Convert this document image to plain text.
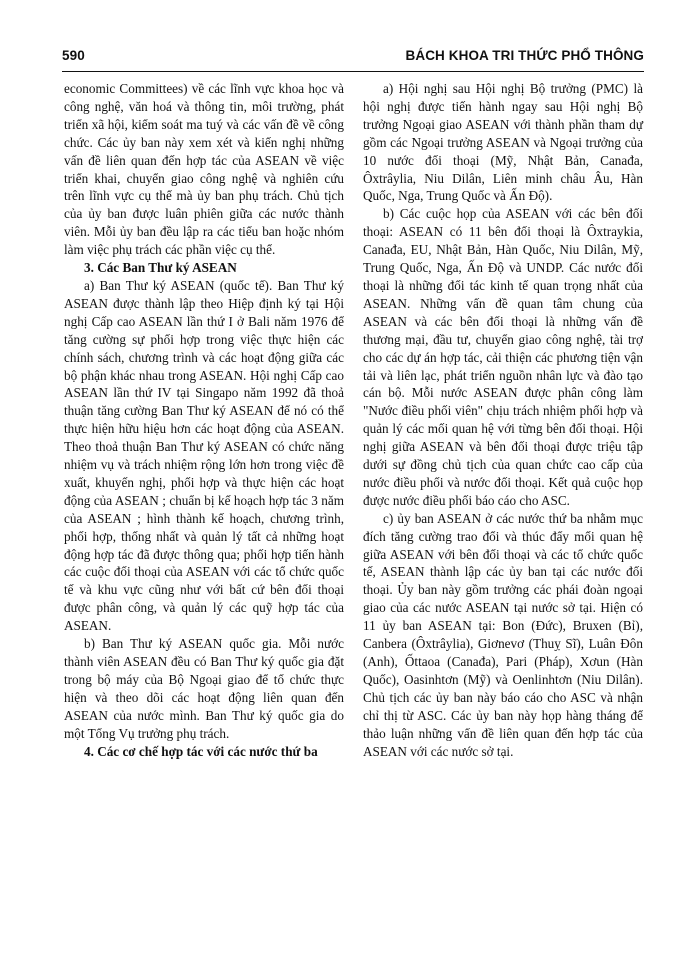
590	BÁCH KHOA TRI THỨC PHỔ THÔNG

economic Committees) về các lĩnh vực khoa học và công nghệ, văn hoá và thông tin, môi trường, phát triển xã hội, kiểm soát ma tuý và các vấn đề về công chức. Các ủy ban này xem xét và kiến nghị những vấn đề liên quan đến hợp tác của ASEAN về việc triển khai, chuyển giao công nghệ và nghiên cứu trên lĩnh vực cụ thể mà ủy ban phụ trách. Chủ tịch của ủy ban được luân phiên giữa các nước thành viên. Mỗi ủy ban đều lập ra các tiểu ban hoặc nhóm làm việc phụ trách các phần việc cụ thể.

3. Các Ban Thư ký ASEAN

a) Ban Thư ký ASEAN (quốc tế). Ban Thư ký ASEAN được thành lập theo Hiệp định ký tại Hội nghị Cấp cao ASEAN lần thứ I ở Bali năm 1976 để tăng cường sự phối hợp trong việc thực hiện các chính sách, chương trình và các hoạt động giữa các bộ phận khác nhau trong ASEAN. Hội nghị Cấp cao ASEAN lần thứ IV tại Singapo năm 1992 đã thoả thuận tăng cường Ban Thư ký ASEAN để nó có thể thực hiện hữu hiệu hơn các hoạt động của ASEAN. Theo thoả thuận Ban Thư ký ASEAN có chức năng nhiệm vụ và trách nhiệm rộng lớn hơn trong việc đề xuất, khuyến nghị, phối hợp và thực hiện các hoạt động của ASEAN ; chuẩn bị kế hoạch hợp tác 3 năm của ASEAN ; hình thành kế hoạch, chương trình, phối hợp, thống nhất và quản lý tất cả những hoạt động hợp tác đã được thông qua; phối hợp tiến hành các cuộc đối thoại của ASEAN với các tổ chức quốc tế và khu vực cũng như với bất cứ bên đối thoại được phân công, và quản lý các quỹ hợp tác của ASEAN.

b) Ban Thư ký ASEAN quốc gia. Mỗi nước thành viên ASEAN đều có Ban Thư ký quốc gia đặt trong bộ máy của Bộ Ngoại giao để tổ chức thực hiện và theo dõi các hoạt động liên quan đến ASEAN của nước mình. Ban Thư ký quốc gia do một Tổng Vụ trưởng phụ trách.

4. Các cơ chế hợp tác với các nước thứ ba

a) Hội nghị sau Hội nghị Bộ trưởng (PMC) là hội nghị được tiến hành ngay sau Hội nghị Bộ trưởng Ngoại giao ASEAN với thành phần tham dự gồm các Ngoại trưởng ASEAN và Ngoại trưởng của 10 nước đối thoại (Mỹ, Nhật Bản, Canađa, Ôxtrâylia, Niu Dilân, Liên minh châu Âu, Hàn Quốc, Nga, Trung Quốc và Ấn Độ).

b) Các cuộc họp của ASEAN với các bên đối thoại: ASEAN có 11 bên đối thoại là Ôxtraykia, Canađa, EU, Nhật Bản, Hàn Quốc, Niu Dilân, Mỹ, Trung Quốc, Nga, Ấn Độ và UNDP. Các nước đối thoại là những đối tác kinh tế quan trọng nhất của ASEAN. Những vấn đề quan tâm chung của ASEAN và các bên đối thoại là những vấn đề thương mại, đầu tư, chuyển giao công nghệ, tài trợ cho các dự án hợp tác, cải thiện các phương tiện vận tải và liên lạc, phát triển nguồn nhân lực và đào tạo cán bộ. Mỗi nước ASEAN được phân công làm "Nước điều phối viên" chịu trách nhiệm phối hợp và quản lý các mối quan hệ với từng bên đối thoại. Hội nghị giữa ASEAN và bên đối thoại được triệu tập dưới sự đồng chủ tịch của quan chức cao cấp của nước điều phối và nước đối thoại. Kết quả cuộc họp được nước điều phối báo cáo cho ASC.

c) ủy ban ASEAN ở các nước thứ ba nhằm mục đích tăng cường trao đổi và thúc đẩy mối quan hệ giữa ASEAN với bên đối thoại và các tổ chức quốc tế, ASEAN thành lập các ủy ban tại các nước đối thoại. Ủy ban này gồm trưởng các phái đoàn ngoại giao của các nước ASEAN tại nước sở tại. Hiện có 11 ủy ban ASEAN tại: Bon (Đức), Bruxen (Bỉ), Canbera (Ôxtrâylia), Giơnevơ (Thuỵ Sĩ), Luân Đôn (Anh), Ốttaoa (Canađa), Pari (Pháp), Xơun (Hàn Quốc), Oasinhtơn (Mỹ) và Oenlinhtơn (Niu Dilân). Chủ tịch các ủy ban này báo cáo cho ASC và nhận chỉ thị từ ASC. Các ủy ban này họp hàng tháng để thảo luận những vấn đề liên quan đến hợp tác của ASEAN với các nước sở tại.
